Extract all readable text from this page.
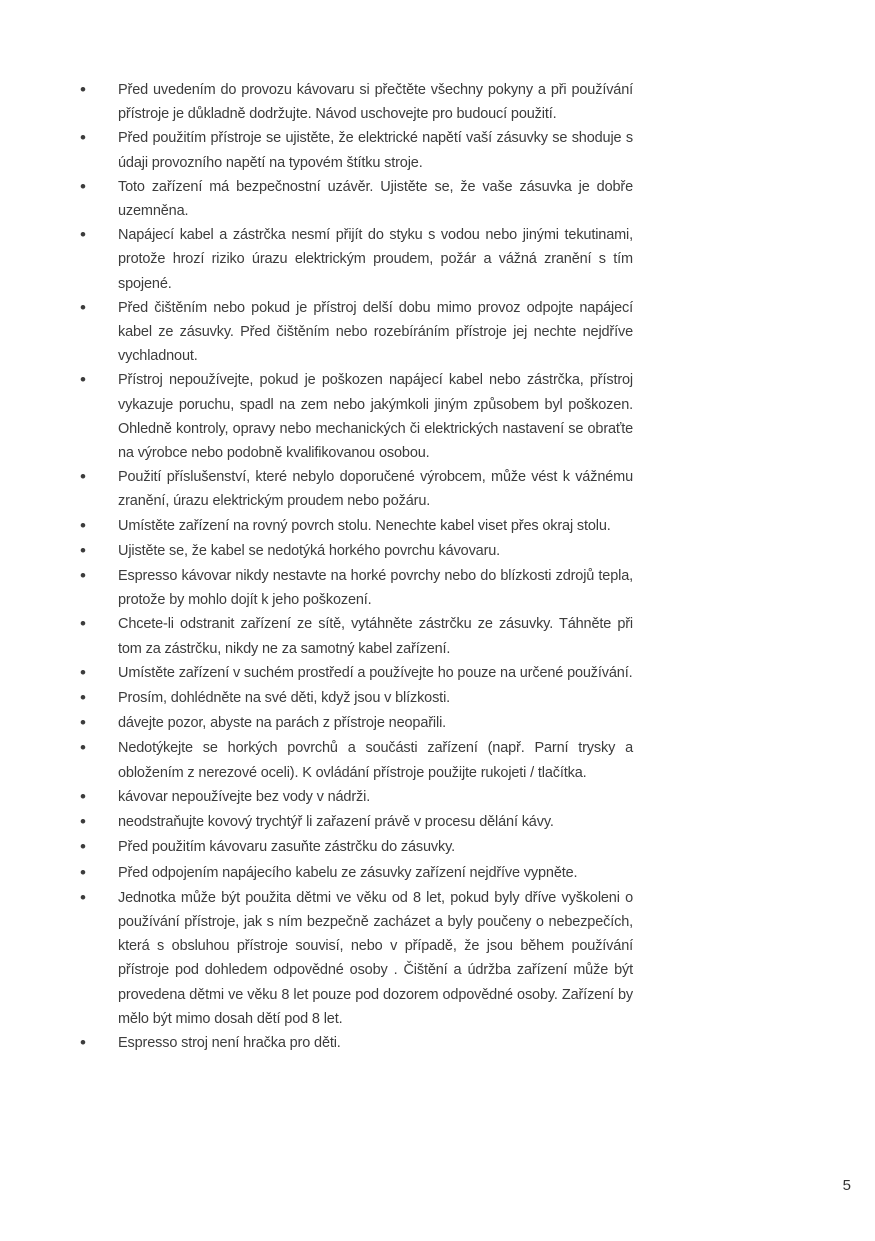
•
Před uvedením do provozu kávovaru si přečtěte všechny pokyny a při používání přístroje je důkladně dodržujte. Návod uschovejte pro budoucí použití.
•
Před použitím přístroje se ujistěte, že elektrické napětí vaší zásuvky se shoduje s údaji provozního napětí na typovém štítku stroje.
•
Toto zařízení má bezpečnostní uzávěr. Ujistěte se, že vaše zásuvka je dobře uzemněna.
•
Napájecí kabel a zástrčka nesmí přijít do styku s vodou nebo jinými tekutinami, protože hrozí riziko úrazu elektrickým proudem, požár a vážná zranění s tím spojené.
•
Před čištěním nebo pokud je přístroj delší dobu mimo provoz odpojte napájecí kabel ze zásuvky. Před čištěním nebo rozebíráním přístroje jej nechte nejdříve vychladnout.
•
Přístroj nepoužívejte, pokud je poškozen napájecí kabel nebo zástrčka, přístroj vykazuje poruchu, spadl na zem nebo jakýmkoli jiným způsobem byl poškozen. Ohledně kontroly, opravy nebo mechanických či elektrických nastavení se obraťte na výrobce nebo podobně kvalifikovanou osobou.
•
Použití příslušenství, které nebylo doporučené výrobcem, může vést k vážnému zranění, úrazu elektrickým proudem nebo požáru.
•
Umístěte zařízení na rovný povrch stolu. Nenechte kabel viset přes okraj stolu.
•
Ujistěte se, že kabel se nedotýká horkého povrchu kávovaru.
•
Espresso kávovar nikdy nestavte na horké povrchy nebo do blízkosti zdrojů tepla, protože by mohlo dojít k jeho poškození.
•
Chcete-li odstranit zařízení ze sítě, vytáhněte zástrčku ze zásuvky. Táhněte při tom za zástrčku, nikdy ne za samotný kabel zařízení.
•
Umístěte zařízení v suchém prostředí a používejte ho pouze na určené používání.
•
Prosím, dohlédněte na své děti, když jsou v blízkosti.
•
dávejte pozor, abyste na parách z přístroje neopařili.
•
Nedotýkejte se horkých povrchů a součásti zařízení (např. Parní trysky a obložením z nerezové oceli). K ovládání přístroje použijte rukojeti / tlačítka.
•
kávovar nepoužívejte bez vody v nádrži.
•
neodstraňujte kovový trychtýř li zařazení právě v procesu dělání kávy.
•
Před použitím kávovaru zasuňte zástrčku do zásuvky.
•
Před odpojením napájecího kabelu ze zásuvky zařízení nejdříve vypněte.
•
Jednotka může být použita dětmi ve věku od 8 let, pokud byly dříve vyškoleni o používání přístroje, jak s ním bezpečně zacházet a byly poučeny o nebezpečích, která s obsluhou přístroje souvisí, nebo v případě, že jsou během používání přístroje pod dohledem odpovědné osoby . Čištění a údržba zařízení může být provedena dětmi ve věku 8 let pouze pod dozorem odpovědné osoby. Zařízení by mělo být mimo dosah dětí pod 8 let.
•
Espresso stroj není hračka pro děti.
5
